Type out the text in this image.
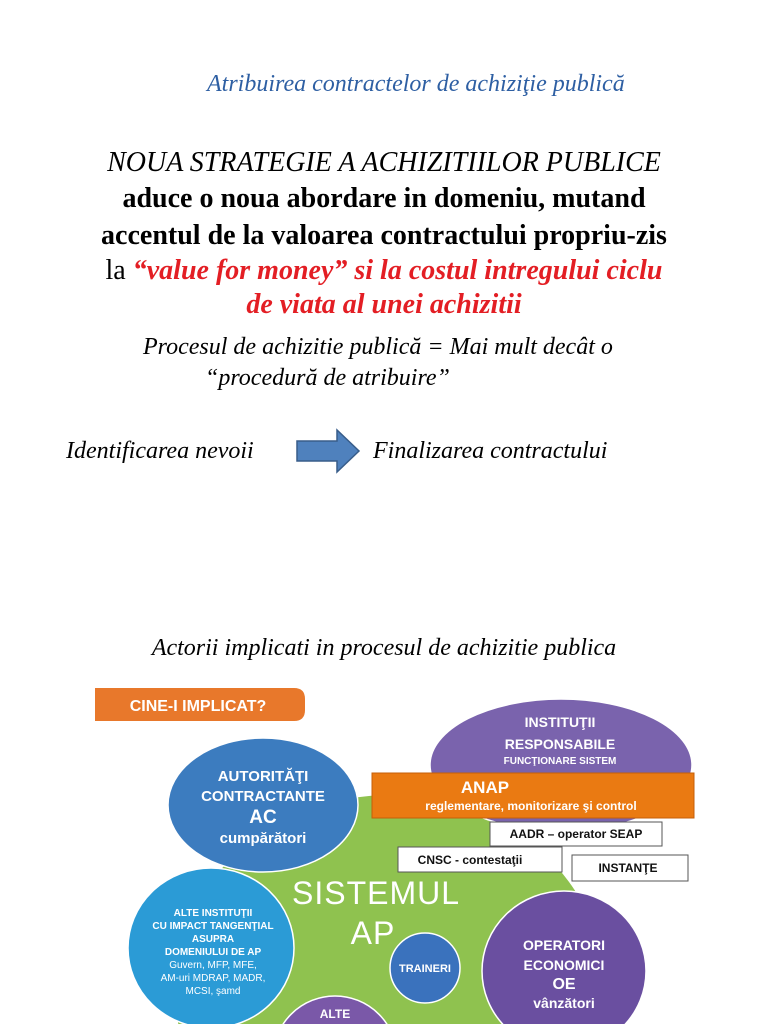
Atribuirea contractelor de achiziţie publică
NOUA STRATEGIE A ACHIZITIILOR PUBLICE
aduce o noua abordare in domeniu, mutand
accentul de la valoarea contractului propriu-zis
la “value for money” si la costul intregului ciclu
de viata al unei achizitii
Procesul de achizitie publică = Mai mult decât o
“procedură de atribuire”
Identificarea nevoii	Finalizarea contractului
Actorii implicati in procesul de achizitie publica
CINE-I IMPLICAT?
AUTORITĂŢI
CONTRACTANTE
AC
cumpărători
INSTITUŢII
RESPONSABILE
FUNCŢIONARE SISTEM
ANAP
reglementare, monitorizare şi control
AADR – operator SEAP
CNSC - contestaţii
INSTANŢE
ALTE INSTITUŢII
CU IMPACT TANGENŢIAL
ASUPRA
DOMENIULUI DE AP
Guvern, MFP, MFE,
AM-uri MDRAP, MADR,
MCSI, şamd
TRAINERI
OPERATORI
ECONOMICI
OE
vânzători
ALTE
SISTEMUL
AP
